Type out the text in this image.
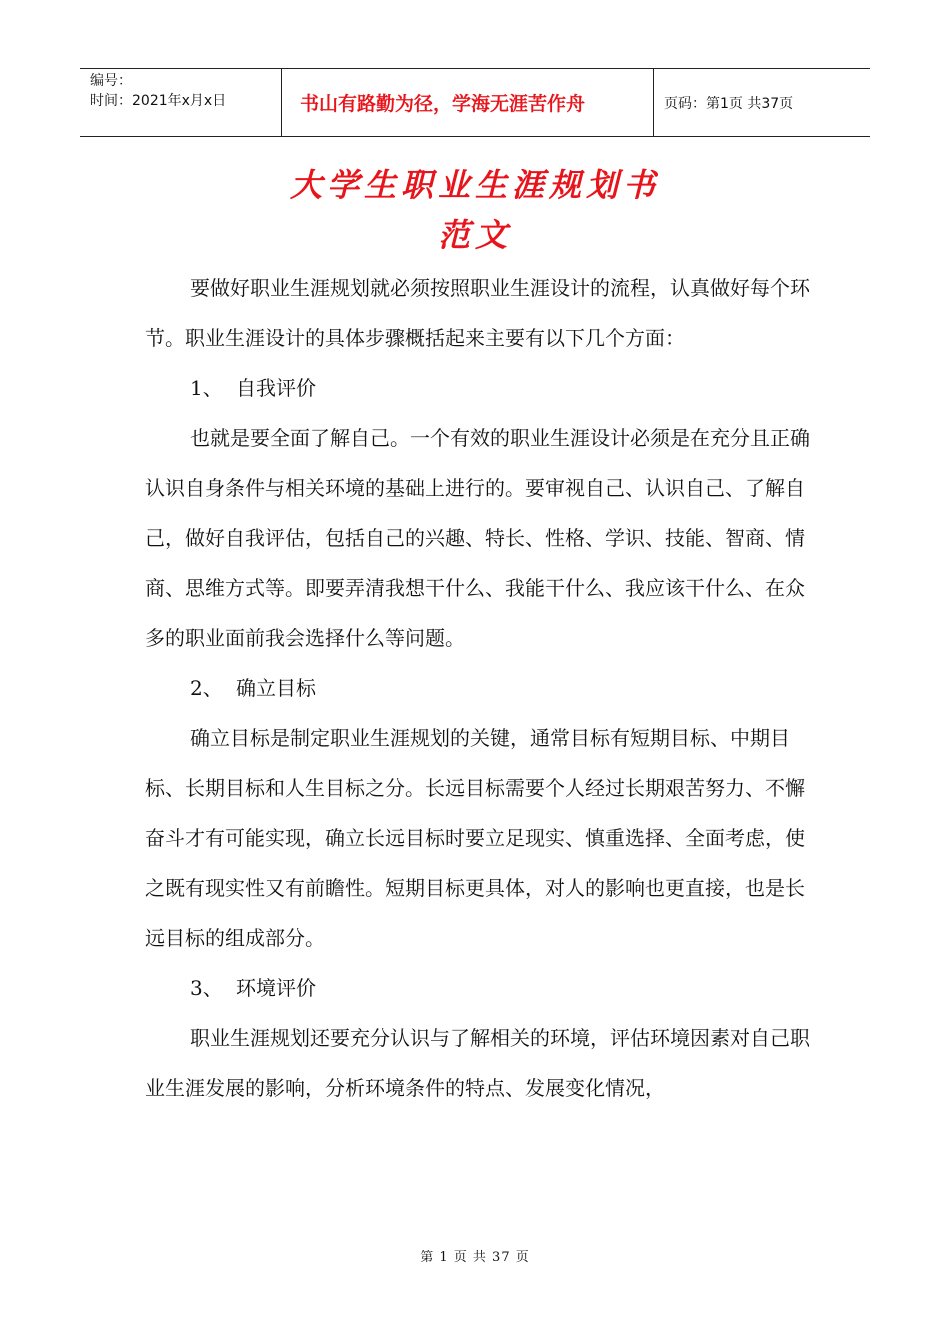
编号：
时间：2021年x月x日	书山有路勤为径，学海无涯苦作舟	页码：第1页 共37页
大学生职业生涯规划书
范文

要做好职业生涯规划就必须按照职业生涯设计的流程，认真做好每个环节。职业生涯设计的具体步骤概括起来主要有以下几个方面：

1、 自我评价

也就是要全面了解自己。一个有效的职业生涯设计必须是在充分且正确认识自身条件与相关环境的基础上进行的。要审视自己、认识自己、了解自己，做好自我评估，包括自己的兴趣、特长、性格、学识、技能、智商、情商、思维方式等。即要弄清我想干什么、我能干什么、我应该干什么、在众多的职业面前我会选择什么等问题。

2、 确立目标

确立目标是制定职业生涯规划的关键，通常目标有短期目标、中期目标、长期目标和人生目标之分。长远目标需要个人经过长期艰苦努力、不懈奋斗才有可能实现，确立长远目标时要立足现实、慎重选择、全面考虑，使之既有现实性又有前瞻性。短期目标更具体，对人的影响也更直接，也是长远目标的组成部分。

3、 环境评价

职业生涯规划还要充分认识与了解相关的环境，评估环境因素对自己职业生涯发展的影响，分析环境条件的特点、发展变化情况，

第 1 页 共 37 页
